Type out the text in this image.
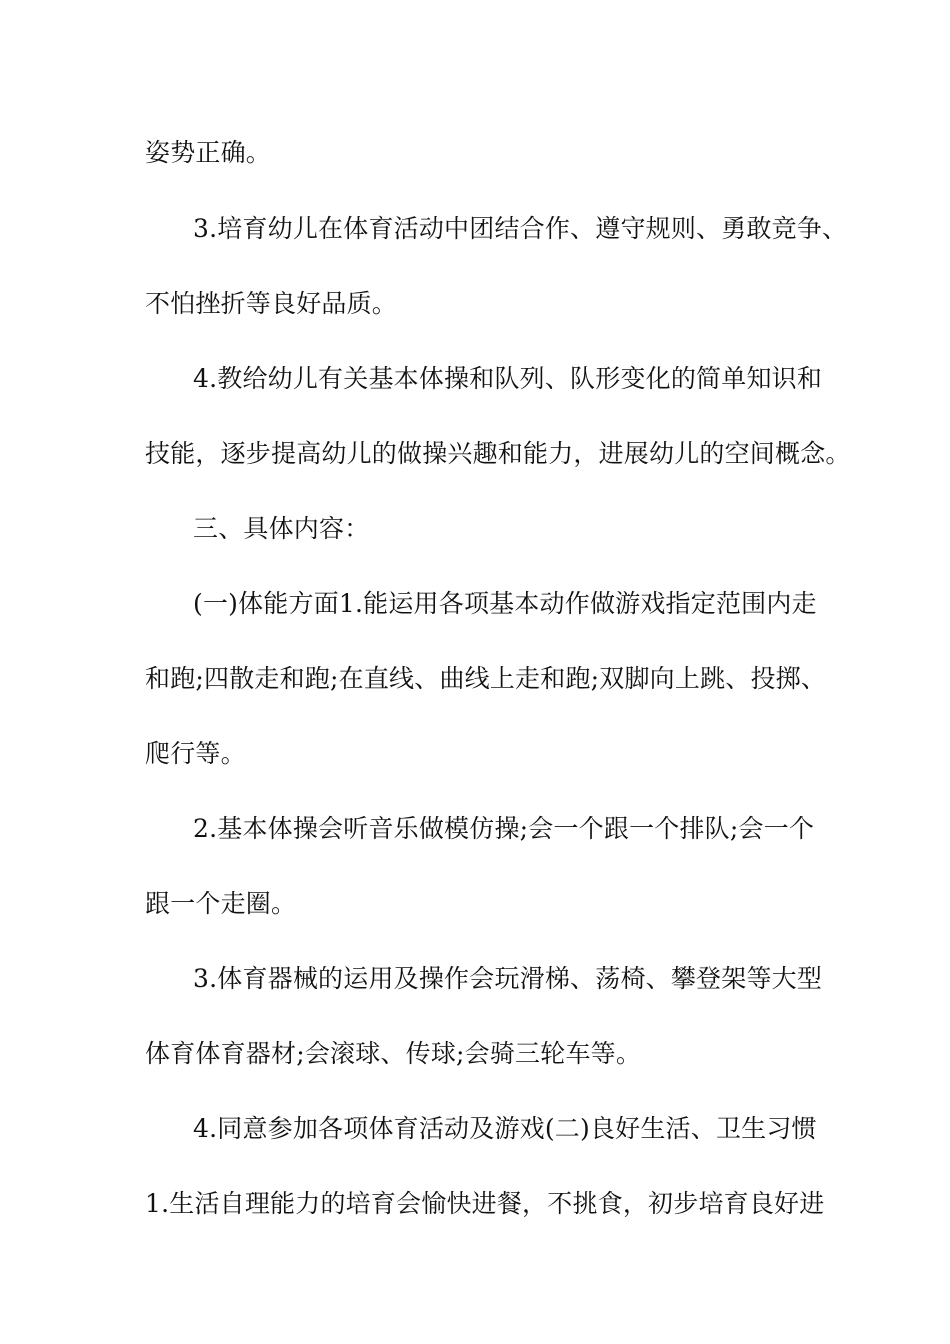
姿势正确。
3.培育幼儿在体育活动中团结合作、遵守规则、勇敢竞争、
不怕挫折等良好品质。
4.教给幼儿有关基本体操和队列、队形变化的简单知识和
技能，逐步提高幼儿的做操兴趣和能力，进展幼儿的空间概念。
三、具体内容：
(一)体能方面1.能运用各项基本动作做游戏指定范围内走
和跑;四散走和跑;在直线、曲线上走和跑;双脚向上跳、投掷、
爬行等。
2.基本体操会听音乐做模仿操;会一个跟一个排队;会一个
跟一个走圈。
3.体育器械的运用及操作会玩滑梯、荡椅、攀登架等大型
体育体育器材;会滚球、传球;会骑三轮车等。
4.同意参加各项体育活动及游戏(二)良好生活、卫生习惯
1.生活自理能力的培育会愉快进餐，不挑食，初步培育良好进
